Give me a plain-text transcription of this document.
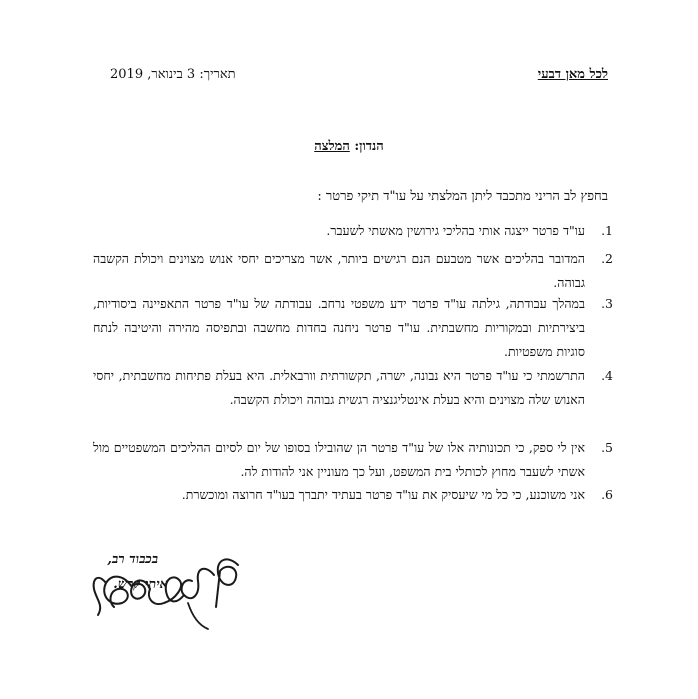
לכל מאן דבעי
תאריך: 3 בינואר, 2019
הנדון: המלצה
בחפץ לב הריני מתכבד ליתן המלצתי על עו"ד תיקי פרטר :
1.
עו"ד פרטר ייצגה אותי בהליכי גירושין מאשתי לשעבר.
2.
המדובר בהליכים אשר מטבעם הנם רגישים ביותר, אשר מצריכים יחסי אנוש מצוינים ויכולת הקשבה גבוהה.
3.
במהלך עבודתה, גילתה עו"ד פרטר ידע משפטי נרחב. עבודתה של עו"ד פרטר התאפיינה ביסודיות, ביצירתיות ובמקוריות מחשבתית. עו"ד פרטר ניחנה בחדות מחשבה ובתפיסה מהירה והיטיבה לנתח סוגיות משפטיות.
4.
התרשמתי כי עו"ד פרטר היא נבונה, ישרה, תקשורתית וורבאלית. היא בעלת פתיחות מחשבתית, יחסי האנוש שלה מצוינים והיא בעלת אינטליגנציה רגשית גבוהה ויכולת הקשבה.
5.
אין לי ספק, כי תכונותיה אלו של עו"ד פרטר הן שהובילו בסופו של יום לסיום ההליכים המשפטיים מול אשתי לשעבר מחוץ לכותלי בית המשפט, ועל כך מעוניין אני להודות לה.
6.
אני משוכנע, כי כל מי שיעסיק את עו"ד פרטר בעתיד יתברך בעו"ד חרוצה ומוכשרת.
בכבוד רב,
איתי קרש.
